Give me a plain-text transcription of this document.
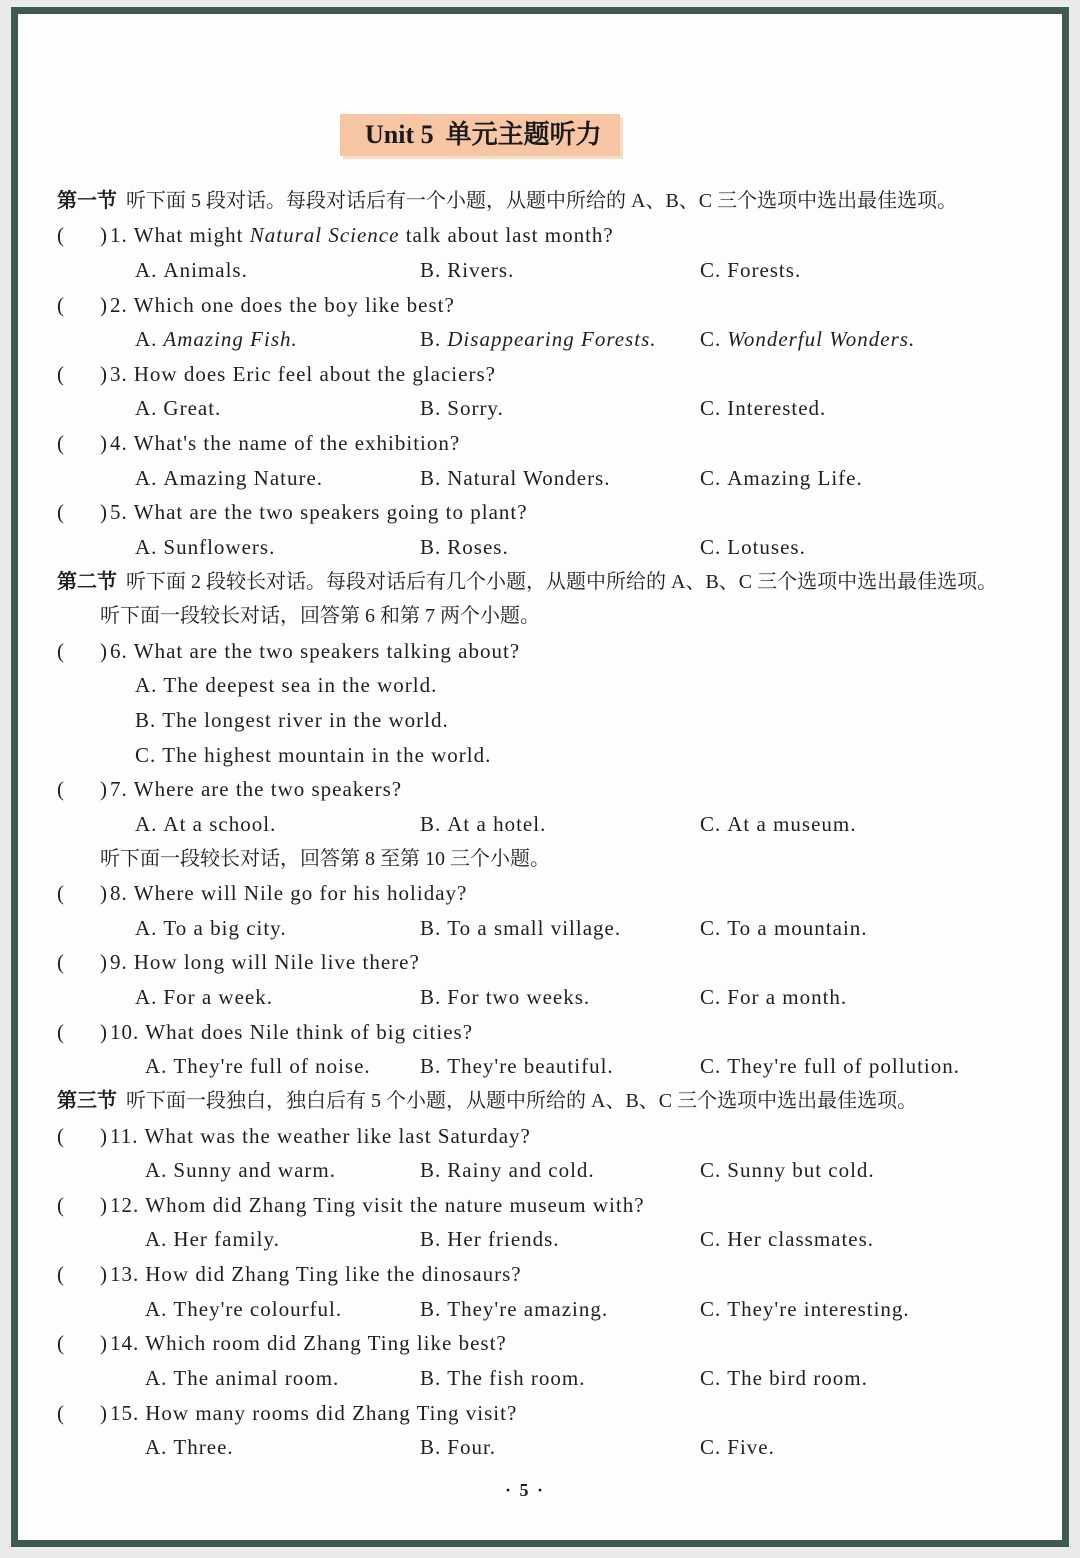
Unit 5 单元主题听力
第一节 听下面 5 段对话。每段对话后有一个小题，从题中所给的 A、B、C 三个选项中选出最佳选项。
( ) 1. What might Natural Science talk about last month?
A. Animals.	B. Rivers.	C. Forests.
( ) 2. Which one does the boy like best?
A. Amazing Fish.	B. Disappearing Forests. C. Wonderful Wonders.
( ) 3. How does Eric feel about the glaciers?
A. Great.	B. Sorry.	C. Interested.
( ) 4. What's the name of the exhibition?
A. Amazing Nature.	B. Natural Wonders.	C. Amazing Life.
( ) 5. What are the two speakers going to plant?
A. Sunflowers.	B. Roses.	C. Lotuses.
第二节 听下面 2 段较长对话。每段对话后有几个小题，从题中所给的 A、B、C 三个选项中选出最佳选项。
听下面一段较长对话，回答第 6 和第 7 两个小题。
( ) 6. What are the two speakers talking about?
A. The deepest sea in the world.
B. The longest river in the world.
C. The highest mountain in the world.
( ) 7. Where are the two speakers?
A. At a school.	B. At a hotel.	C. At a museum.
听下面一段较长对话，回答第 8 至第 10 三个小题。
( ) 8. Where will Nile go for his holiday?
A. To a big city.	B. To a small village.	C. To a mountain.
( ) 9. How long will Nile live there?
A. For a week.	B. For two weeks.	C. For a month.
( ) 10. What does Nile think of big cities?
A. They're full of noise. B. They're beautiful.	C. They're full of pollution.
第三节 听下面一段独白，独白后有 5 个小题，从题中所给的 A、B、C 三个选项中选出最佳选项。
( ) 11. What was the weather like last Saturday?
A. Sunny and warm.	B. Rainy and cold.	C. Sunny but cold.
( ) 12. Whom did Zhang Ting visit the nature museum with?
A. Her family.	B. Her friends.	C. Her classmates.
( ) 13. How did Zhang Ting like the dinosaurs?
A. They're colourful.	B. They're amazing.	C. They're interesting.
( ) 14. Which room did Zhang Ting like best?
A. The animal room.	B. The fish room.	C. The bird room.
( ) 15. How many rooms did Zhang Ting visit?
A. Three.	B. Four.	C. Five.
· 5 ·
